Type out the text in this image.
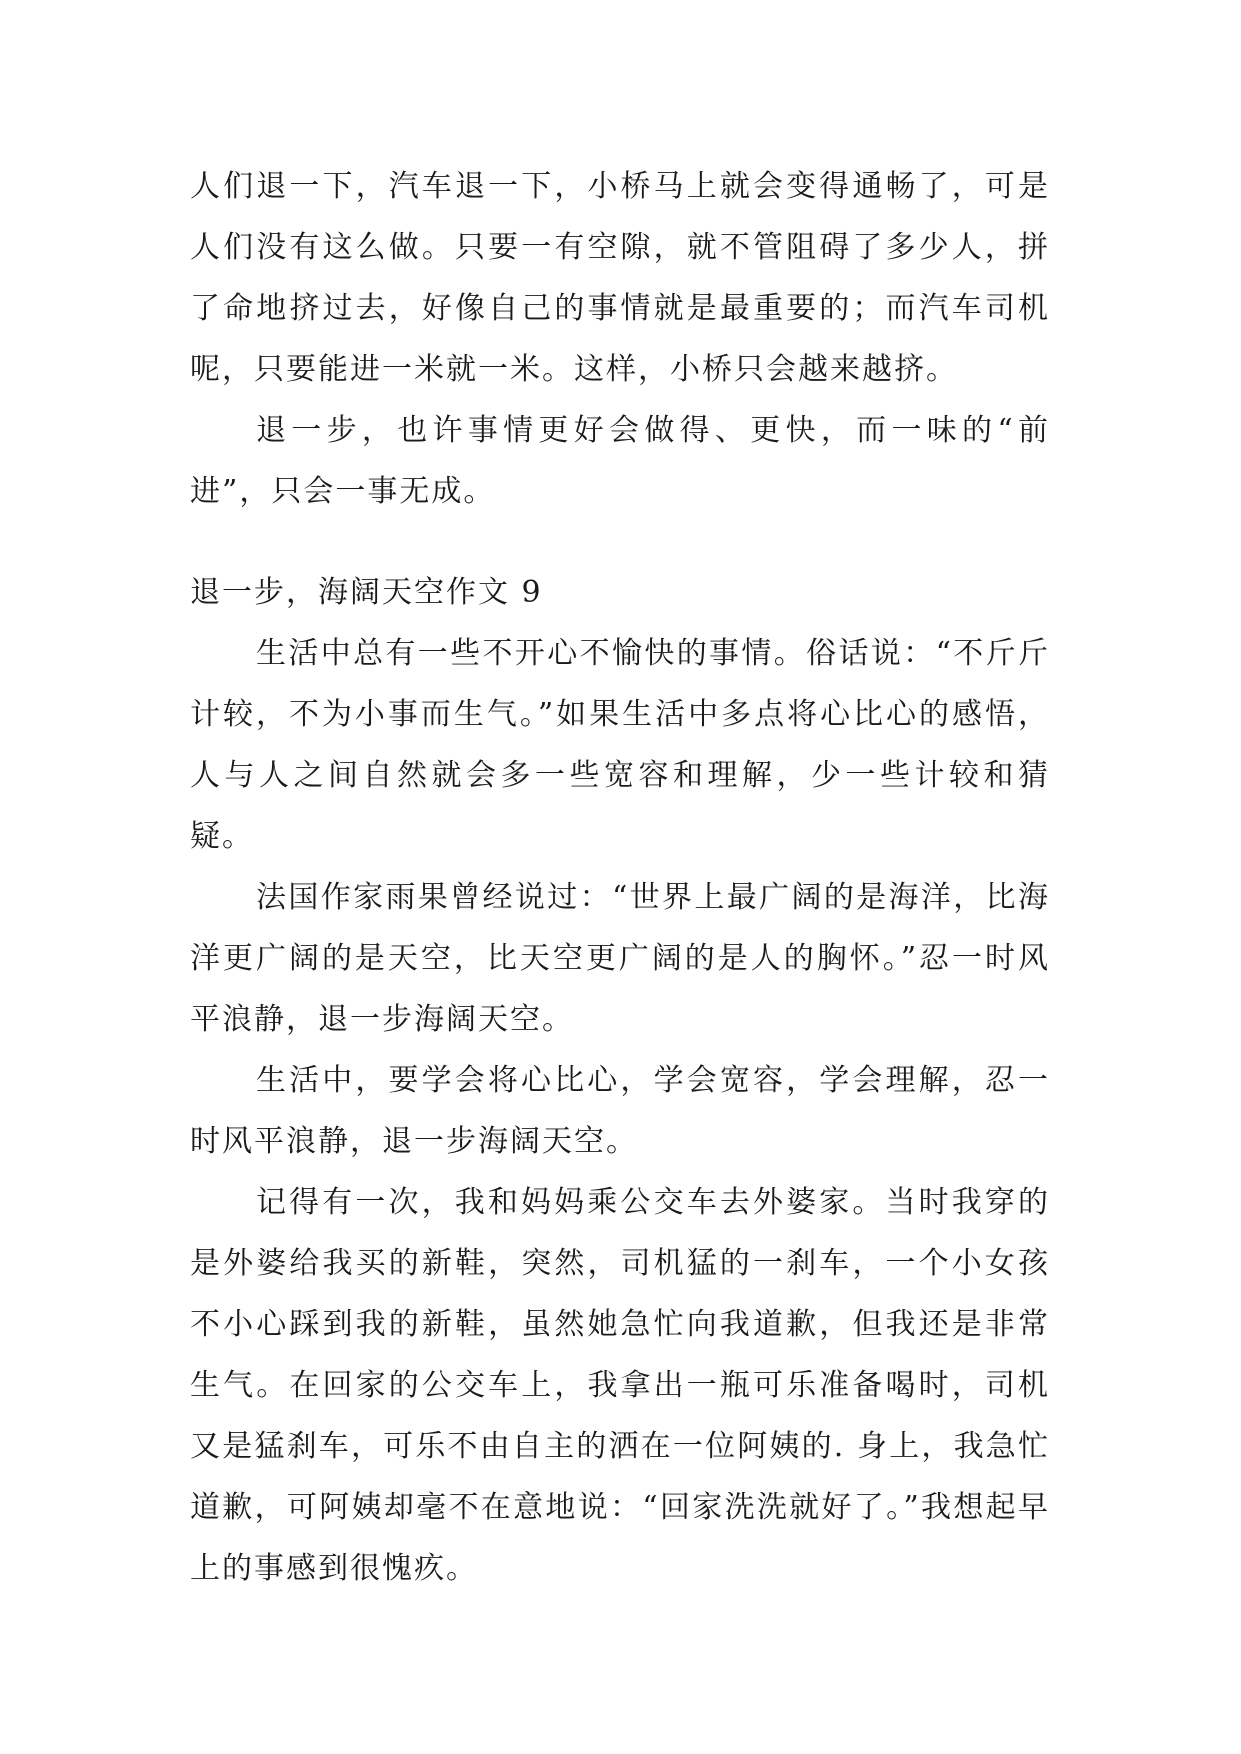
人们退一下，汽车退一下，小桥马上就会变得通畅了，可是人们没有这么做。只要一有空隙，就不管阻碍了多少人，拼了命地挤过去，好像自己的事情就是最重要的；而汽车司机呢，只要能进一米就一米。这样，小桥只会越来越挤。

退一步，也许事情更好会做得、更快，而一味的“前进”，只会一事无成。

退一步，海阔天空作文 9

生活中总有一些不开心不愉快的事情。俗话说：“不斤斤计较，不为小事而生气。”如果生活中多点将心比心的感悟，人与人之间自然就会多一些宽容和理解，少一些计较和猜疑。

法国作家雨果曾经说过：“世界上最广阔的是海洋，比海洋更广阔的是天空，比天空更广阔的是人的胸怀。”忍一时风平浪静，退一步海阔天空。

生活中，要学会将心比心，学会宽容，学会理解，忍一时风平浪静，退一步海阔天空。

记得有一次，我和妈妈乘公交车去外婆家。当时我穿的是外婆给我买的新鞋，突然，司机猛的一刹车，一个小女孩不小心踩到我的新鞋，虽然她急忙向我道歉，但我还是非常生气。在回家的公交车上，我拿出一瓶可乐准备喝时，司机又是猛刹车，可乐不由自主的洒在一位阿姨的. 身上，我急忙道歉，可阿姨却毫不在意地说：“回家洗洗就好了。”我想起早上的事感到很愧疚。
